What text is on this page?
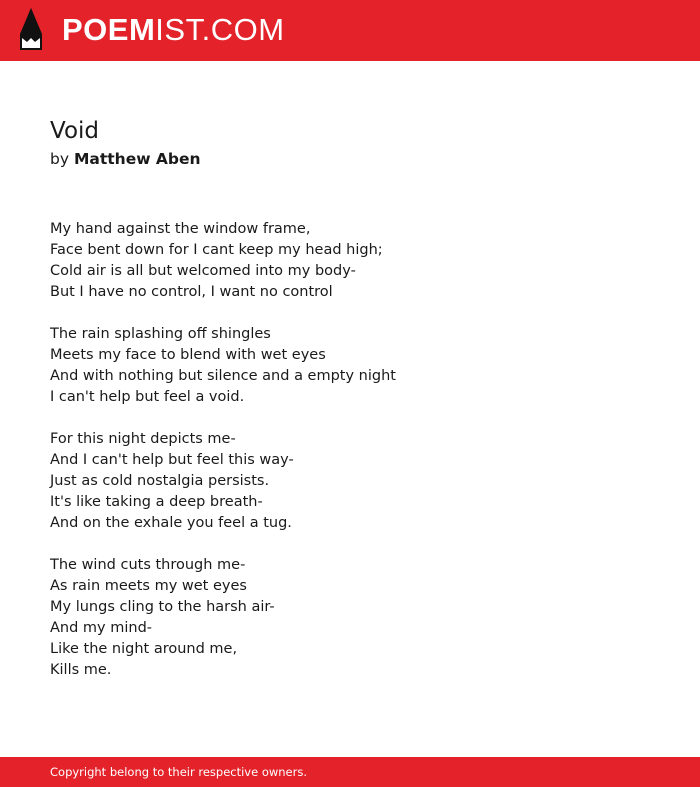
POEMIST.COM
Void
by Matthew Aben
My hand against the window frame,
Face bent down for I cant keep my head high;
Cold air is all but welcomed into my body-
But I have no control, I want no control
The rain splashing off shingles
Meets my face to blend with wet eyes
And with nothing but silence and a empty night
I can't help but feel a void.
For this night depicts me-
And I can't help but feel this way-
Just as cold nostalgia persists.
It's like taking a deep breath-
And on the exhale you feel a tug.
The wind cuts through me-
As rain meets my wet eyes
My lungs cling to the harsh air-
And my mind-
Like the night around me,
Kills me.
Copyright belong to their respective owners.
